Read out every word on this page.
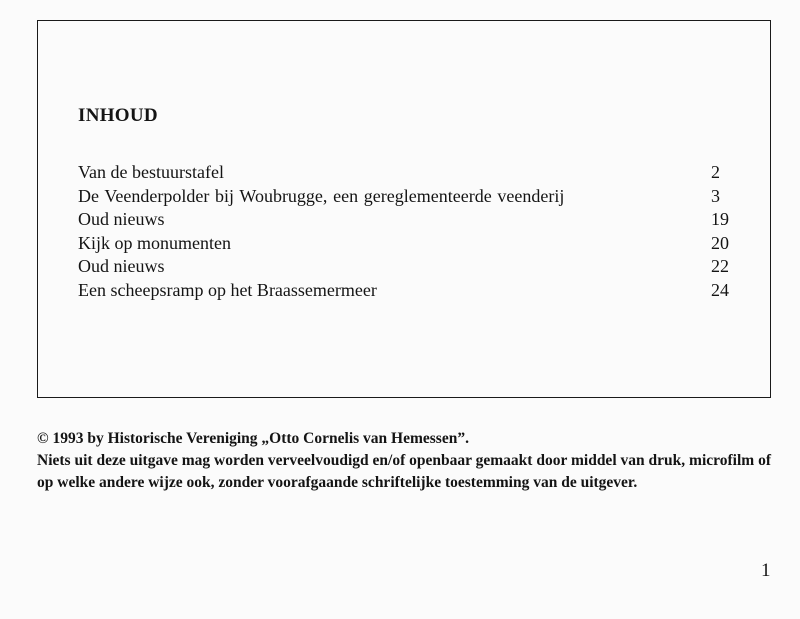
INHOUD
Van de bestuurstafel	2
De Veenderpolder bij Woubrugge, een gereglementeerde veenderij	3
Oud nieuws	19
Kijk op monumenten	20
Oud nieuws	22
Een scheepsramp op het Braassemermeer	24

© 1993 by Historische Vereniging „Otto Cornelis van Hemessen”.

Niets uit deze uitgave mag worden verveelvoudigd en/of openbaar gemaakt door middel van druk, microfilm of op welke andere wijze ook, zonder voorafgaande schriftelijke toestemming van de uitgever.

1
